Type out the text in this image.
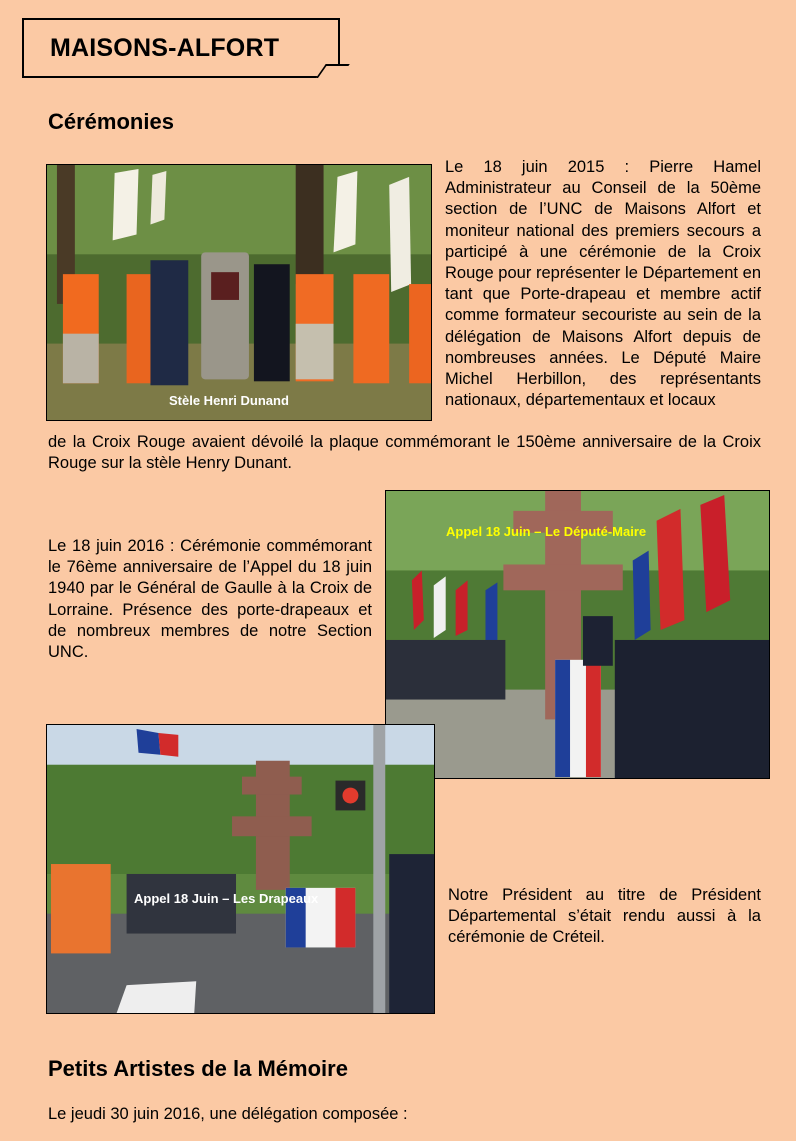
MAISONS-ALFORT
Cérémonies
Stèle Henri Dunand
Le 18 juin 2015 : Pierre Hamel Administrateur au Conseil de la 50ème section de l’UNC de Maisons Alfort et moniteur national des premiers secours a participé à une cérémonie de la Croix Rouge pour représenter le Département en tant que Porte-drapeau et membre actif comme formateur secouriste au sein de la délégation de Maisons Alfort depuis de nombreuses années. Le Député Maire Michel Herbillon, des représentants nationaux, départementaux et locaux
de la Croix Rouge avaient dévoilé la plaque commémorant le 150ème anniversaire de la Croix Rouge sur la stèle Henry Dunant.
Appel 18 Juin – Le Député-Maire
Le 18 juin 2016 : Cérémonie commémorant le 76ème anniversaire de l’Appel du 18 juin 1940 par le Général de Gaulle à la Croix de Lorraine. Présence des porte-drapeaux et de nombreux membres de notre Section UNC.
Appel 18 Juin – Les Drapeaux	Notre Président au titre de Président Départemental s’était rendu aussi à la cérémonie de Créteil.
Petits Artistes de la Mémoire
Le jeudi 30 juin 2016, une délégation composée :
